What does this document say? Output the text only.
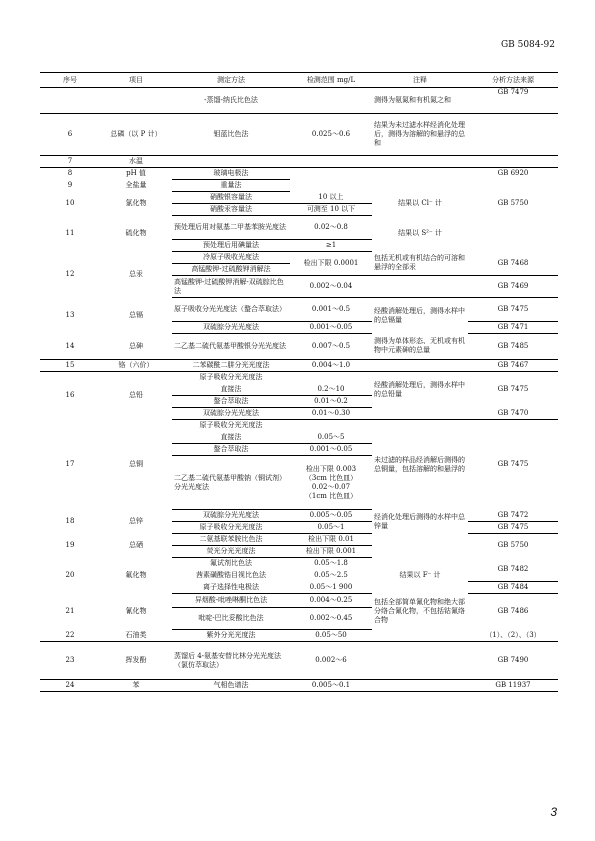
GB 5084-92
序号	项目	测定方法	检测范围 mg/L	注释	分析方法来源
		-蒸馏-纳氏比色法		测得为氨氮和有机氮之和	GB 7479
6	总磷（以 P 计）	钼蓝比色法	0.025～0.6	结果为未过滤水样经消化处理后，测得为溶解的和悬浮的总和	
7	水温				
8	pH 值	玻璃电极法			GB 6920
9	全盐量	重量法			
10	氯化物	硝酸银容量法	10 以上	结果以 Cl⁻ 计	GB 5750
		硝酸汞容量法	可测至 10 以下		
11	硫化物	预处理后用对氨基二甲基苯胺光度法	0.02～0.8	结果以 S²⁻ 计	
		预处理后用碘量法	≥1		
12	总汞	冷原子吸收光度法	检出下限 0.0001	包括无机或有机结合的可溶和悬浮的全部汞	GB 7468
		高锰酸钾-过硫酸钾消解法			
		高锰酸钾-过硫酸钾消解-双硫腙比色法	0.002～0.04		GB 7469
13	总镉	原子吸收分光光度法（螯合萃取法）	0.001～0.5	经酸消解处理后，测得水样中的总镉量	GB 7475
		双硫腙分光光度法	0.001～0.05		GB 7471
14	总砷	二乙基二硫代氨基甲酸银分光光度法	0.007～0.5	测得为单体形态、无机或有机物中元素砷的总量	GB 7485
15	铬（六价）	二苯碳酰二肼分光光度法	0.004～1.0		GB 7467
16	总铅	原子吸收分光光度法		经酸消解处理后，测得水样中的总铅量	GB 7475
		直接法	0.2～10		
		螯合萃取法	0.01～0.2		
		双硫腙分光光度法	0.01～0.30		GB 7470
17	总铜	原子吸收分光光度法		未过滤的样品经消解后测得的总铜量，包括溶解的和悬浮的	GB 7475
		直接法	0.05～5		
		螯合萃取法	0.001～0.05		
		二乙基二硫代氨基甲酸钠（铜试剂）分光光度法	检出下限 0.003
（3cm 比色皿）
0.02～0.07
（1cm 比色皿）		

18	总锌	双硫腙分光光度法	0.005～0.05	经消化处理后测得的水样中总锌量	GB 7472
		原子吸收分光光度法	0.05～1		GB 7475
19	总硒	二氨基联苯胺比色法	检出下限 0.01		GB 5750
		荧光分光光度法	检出下限 0.001		
20	氟化物	氟试剂比色法	0.05～1.8	结果以 F⁻ 计	GB 7482
		茜素磺酸锆目视比色法	0.05～2.5		
		离子选择性电极法	0.05～1 900		GB 7484
21	氰化物	异烟酸-吡唑啉酮比色法	0.004～0.25	包括全部简单氰化物和绝大部分络合氰化物，不包括钴氰络合物	GB 7486
		吡啶-巴比妥酸比色法	0.002～0.45		
22	石油类	紫外分光光度法	0.05～50		（1）、（2）、（3）
23	挥发酚	蒸馏后 4-氨基安替比林分光光度法（氯仿萃取法）	0.002～6		GB 7490
24	苯	气相色谱法	0.005～0.1		GB 11937
3
